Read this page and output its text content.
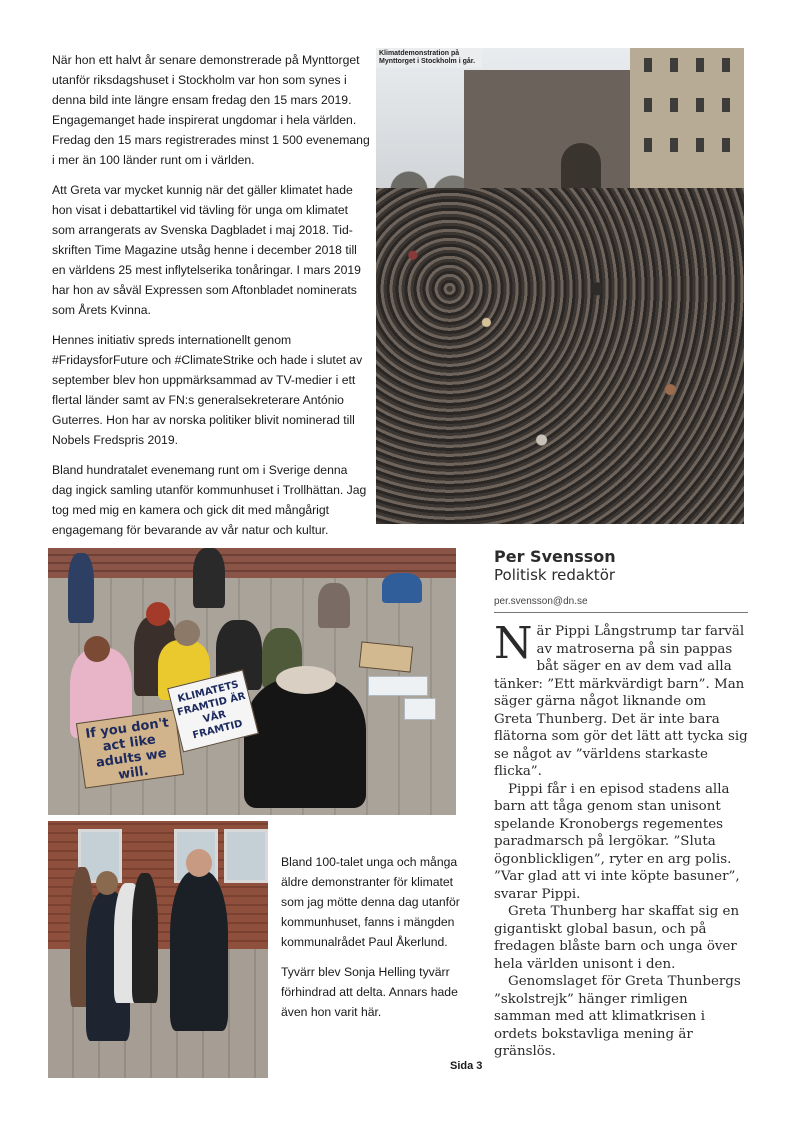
När hon ett halvt år senare demonstrerade på Mynttorget utanför riksdagshuset i Stockholm var hon som synes i denna bild inte längre ensam fredag den 15 mars 2019. Engagemanget hade inspirerat ungdomar i hela världen. Fredag den 15 mars registrerades minst 1 500 evenemang i mer än 100 länder runt om i världen.

Att Greta var mycket kunnig när det gäller klimatet hade hon visat i debattartikel vid tävling för unga om klimatet som arrangerats av Svenska Dagbladet i maj 2018. Tid-skriften Time Magazine utsåg henne i december 2018 till en världens 25 mest inflytelserika tonåringar. I mars 2019 har hon av såväl Expressen som Aftonbladet nominerats som Årets Kvinna.

Hennes initiativ spreds internationellt genom #FridaysforFuture och #ClimateStrike och hade i slutet av september blev hon uppmärksammad av TV-medier i ett flertal länder samt av FN:s generalsekreterare António Guterres. Hon har av norska politiker blivit nominerad till Nobels Fredspris 2019.

Bland hundratalet evenemang runt om i Sverige denna dag ingick samling utanför kommunhuset i Trollhättan. Jag tog med mig en kamera och gick dit med mångårigt engagemang för bevarande av vår natur och kultur.

Klimatdemonstration på Mynttorget i Stockholm i går.
If you don't act like adults we will.
KLIMATETS FRAMTID ÄR VÅR FRAMTID

Bland 100-talet unga och många äldre demonstranter för klimatet som jag mötte denna dag utanför kommunhuset, fanns i mängden kommunalrådet Paul Åkerlund.

Tyvärr blev Sonja Helling tyvärr förhindrad att delta. Annars hade även hon varit här.

Per Svensson
Politisk redaktör
per.svensson@dn.se

När Pippi Långstrump tar farväl av matroserna på sin pappas båt säger en av dem vad alla tänker: ”Ett märkvärdigt barn”. Man säger gärna något liknande om Greta Thunberg. Det är inte bara flätorna som gör det lätt att tycka sig se något av ”världens starkaste flicka”.

Pippi får i en episod stadens alla barn att tåga genom stan unisont spelande Kronobergs regementes paradmarsch på lergökar. ”Sluta ögonblickligen”, ryter en arg polis. ”Var glad att vi inte köpte basuner”, svarar Pippi.

Greta Thunberg har skaffat sig en gigantiskt global basun, och på fredagen blåste barn och unga över hela världen unisont i den.

Genomslaget för Greta Thunbergs ”skolstrejk” hänger rimligen samman med att klimatkrisen i ordets bokstavliga mening är gränslös.

Sida 3
